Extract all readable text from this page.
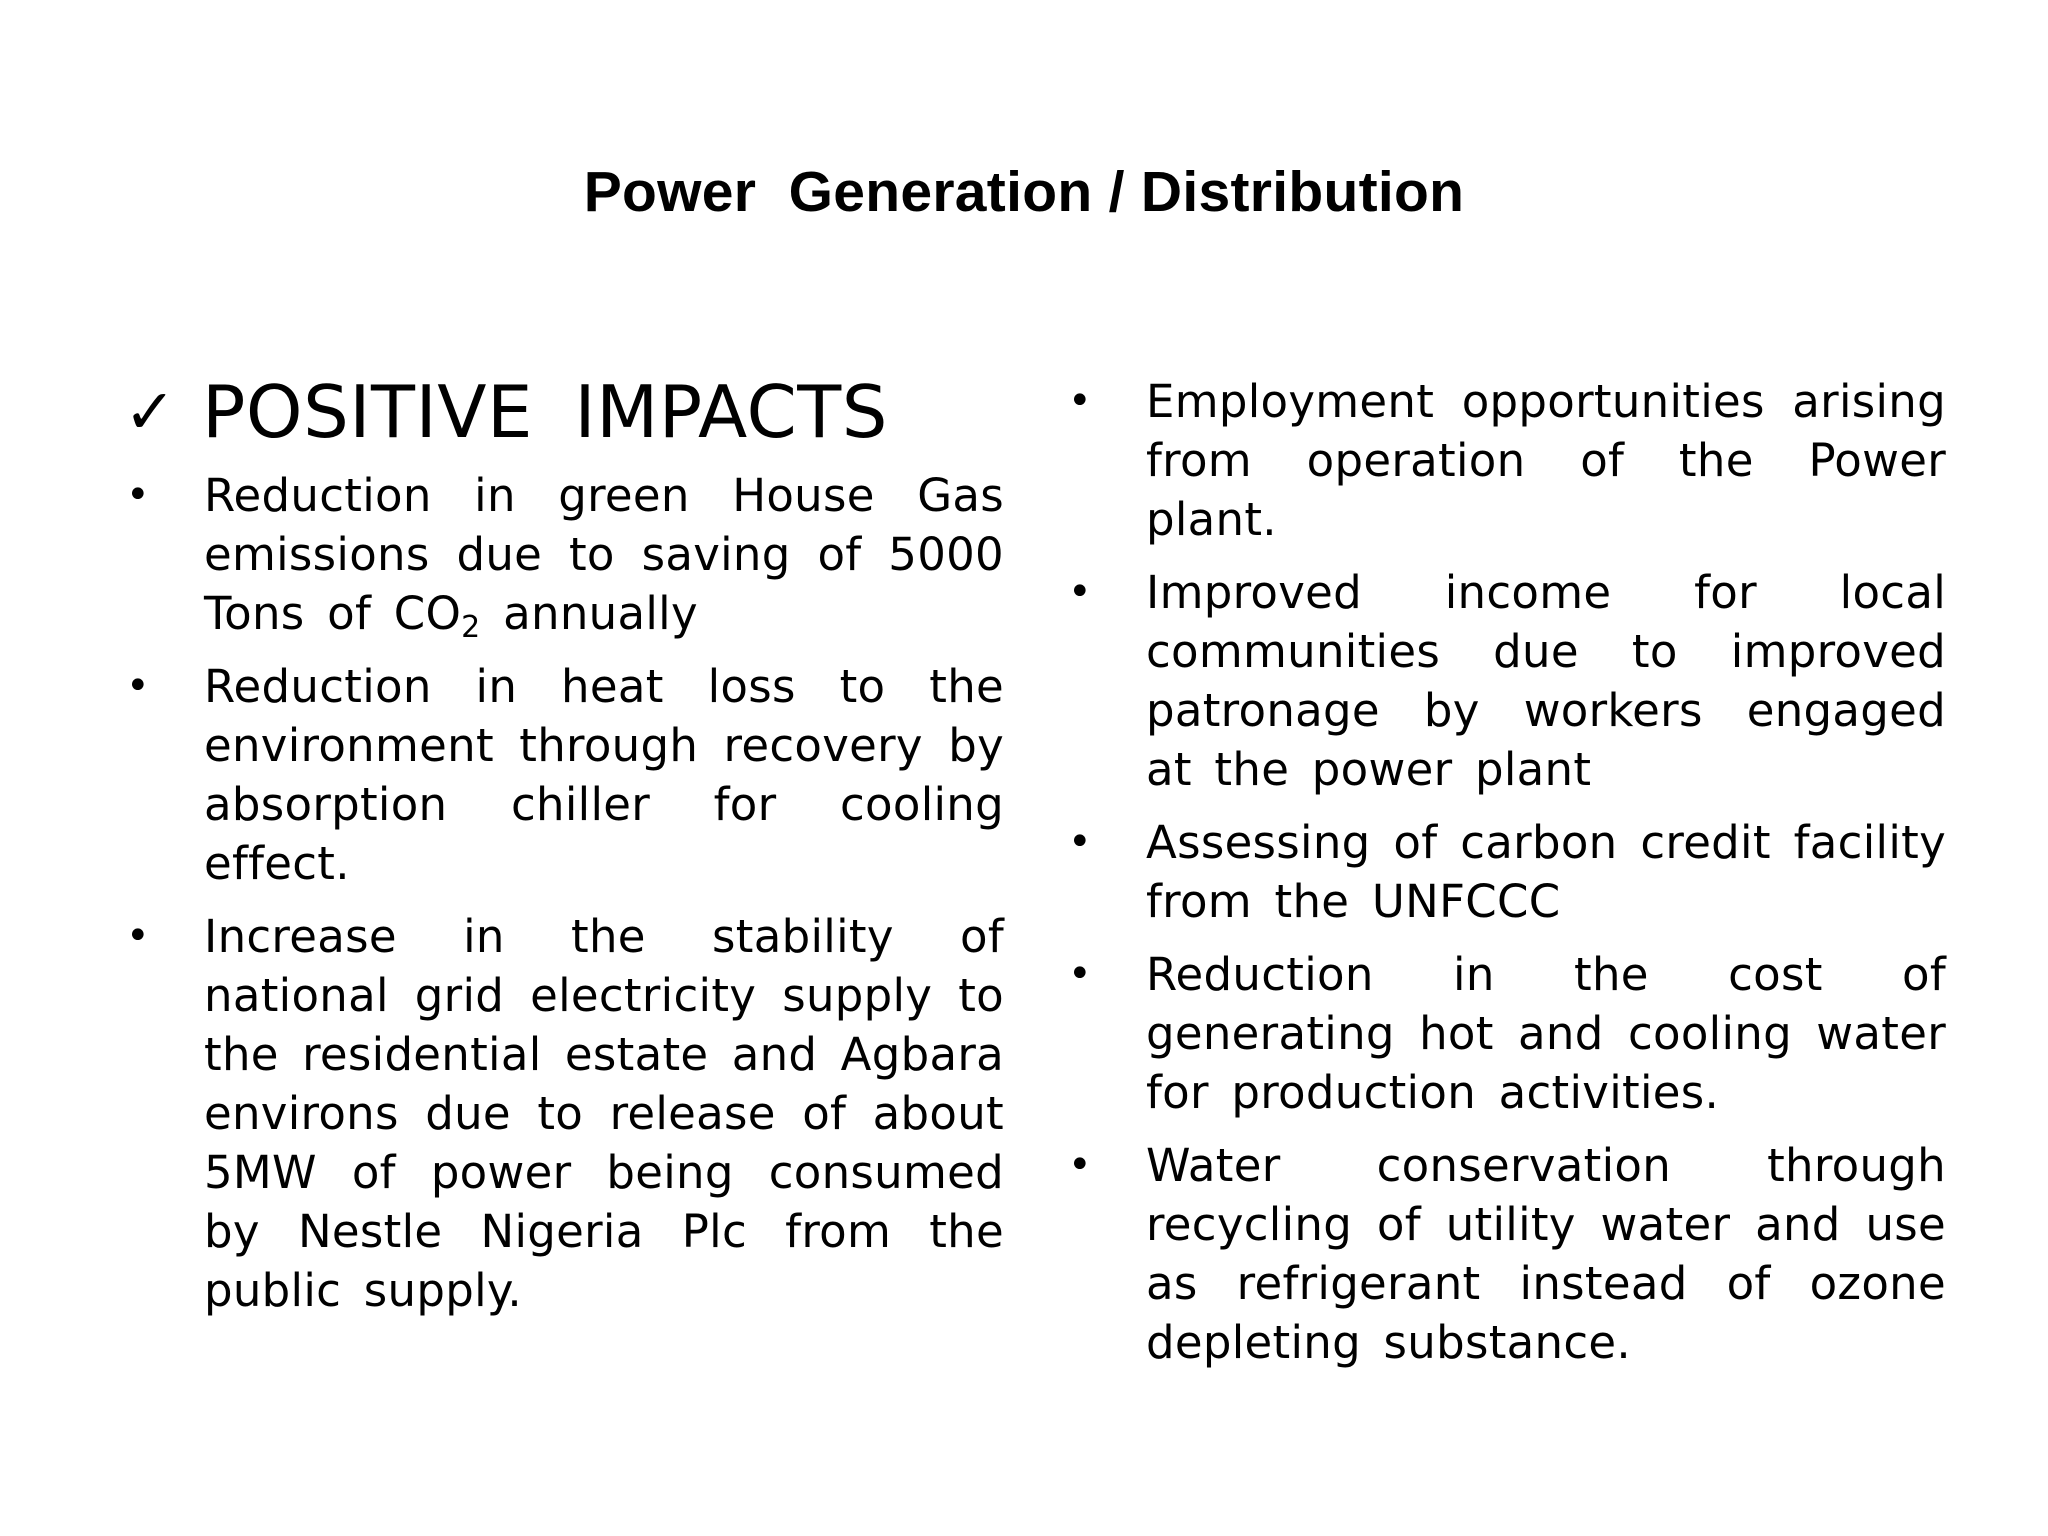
Power  Generation / Distribution
✓ POSITIVE IMPACTS
•	Reduction in green House Gas emissions due to saving of 5000 Tons of $CO_2$ annually
•	Reduction in heat loss to the environment through recovery by absorption chiller for cooling effect.
•	Increase in the stability of national grid electricity supply to the residential estate and Agbara environs due to release of about 5MW of power being consumed by Nestle Nigeria Plc from the public supply.
•	Employment opportunities arising from operation of the Power plant.
•	Improved income for local communities due to improved patronage by workers engaged at the power plant
•	Assessing of carbon credit facility from the UNFCCC
•	Reduction in the cost of generating hot and cooling water for production activities.
•	Water conservation through recycling of utility water and use as refrigerant instead of ozone depleting substance.
